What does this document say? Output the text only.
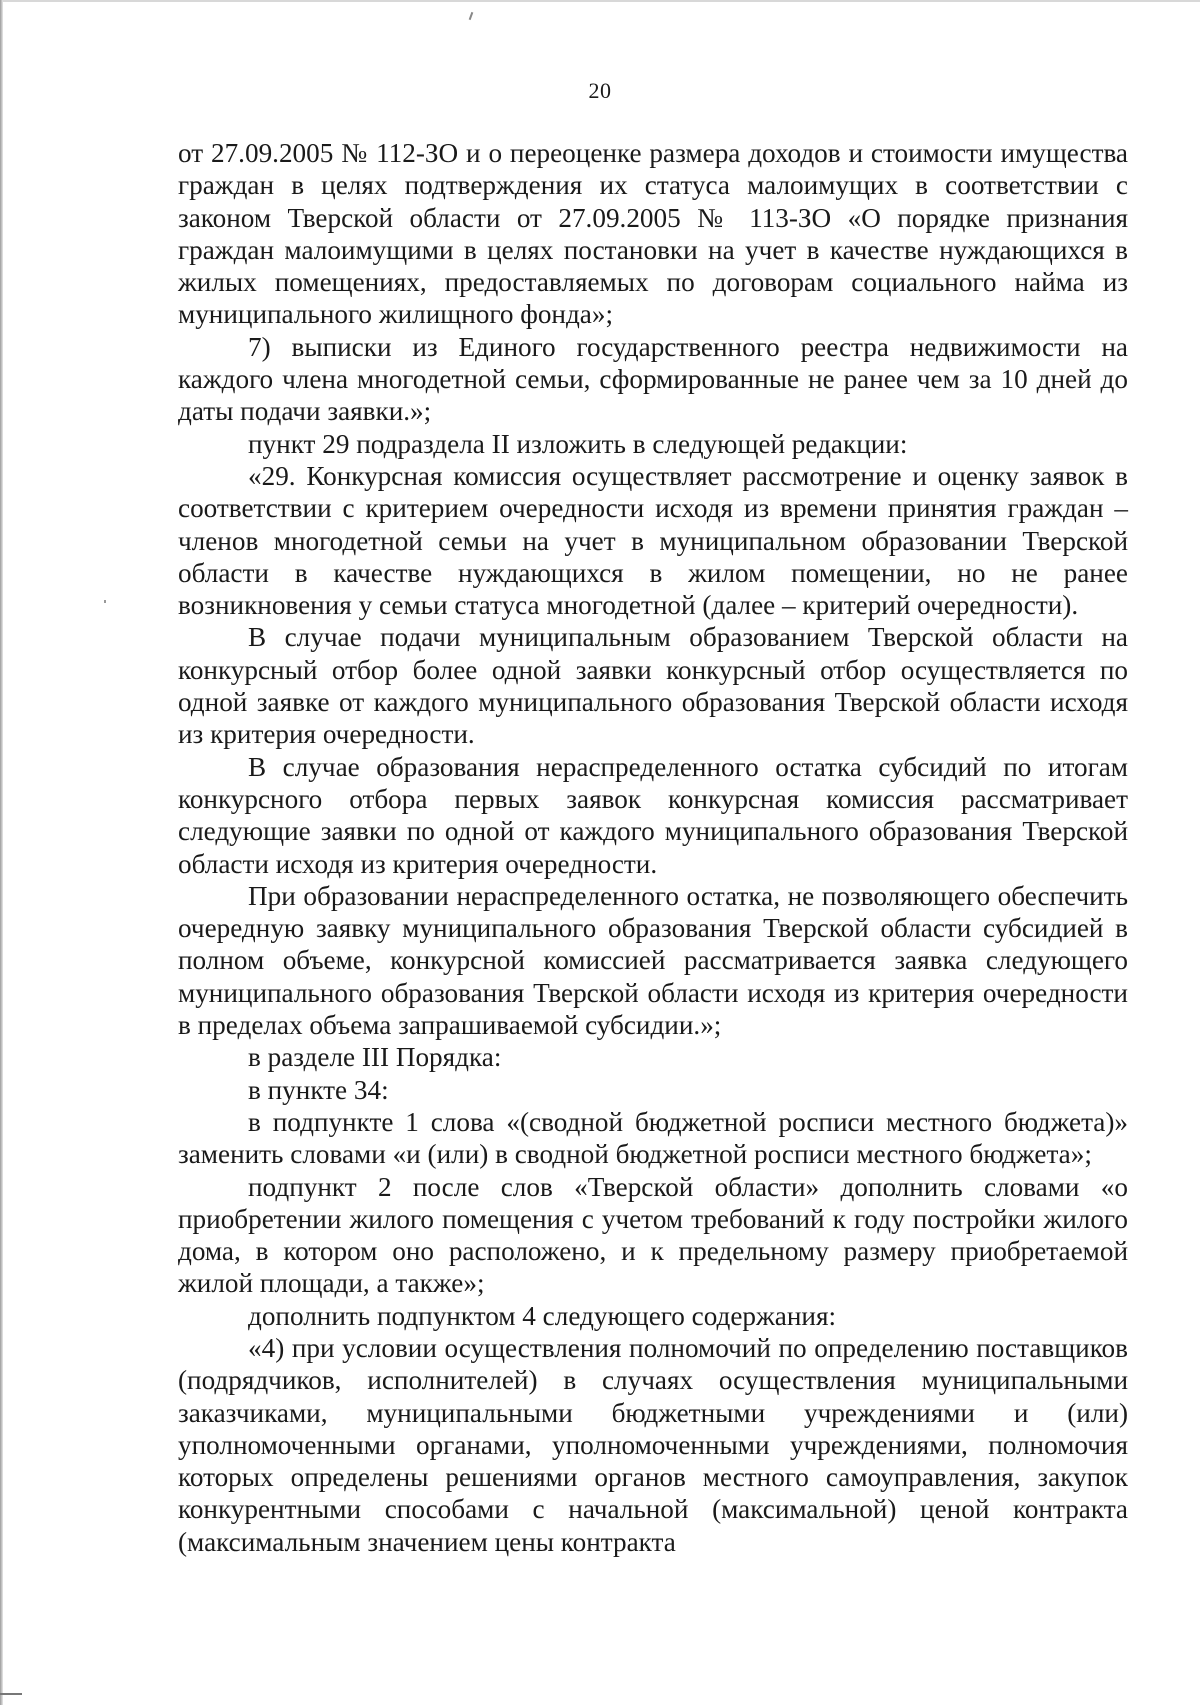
20

от 27.09.2005 № 112-ЗО и о переоценке размера доходов и стоимости имущества граждан в целях подтверждения их статуса малоимущих в соответствии с законом Тверской области от 27.09.2005 № 113-ЗО «О порядке признания граждан малоимущими в целях постановки на учет в качестве нуждающихся в жилых помещениях, предоставляемых по договорам социального найма из муниципального жилищного фонда»;

7) выписки из Единого государственного реестра недвижимости на каждого члена многодетной семьи, сформированные не ранее чем за 10 дней до даты подачи заявки.»;

пункт 29 подраздела II изложить в следующей редакции:

«29. Конкурсная комиссия осуществляет рассмотрение и оценку заявок в соответствии с критерием очередности исходя из времени принятия граждан – членов многодетной семьи на учет в муниципальном образовании Тверской области в качестве нуждающихся в жилом помещении, но не ранее возникновения у семьи статуса многодетной (далее – критерий очередности).

В случае подачи муниципальным образованием Тверской области на конкурсный отбор более одной заявки конкурсный отбор осуществляется по одной заявке от каждого муниципального образования Тверской области исходя из критерия очередности.

В случае образования нераспределенного остатка субсидий по итогам конкурсного отбора первых заявок конкурсная комиссия рассматривает следующие заявки по одной от каждого муниципального образования Тверской области исходя из критерия очередности.

При образовании нераспределенного остатка, не позволяющего обеспечить очередную заявку муниципального образования Тверской области субсидией в полном объеме, конкурсной комиссией рассматривается заявка следующего муниципального образования Тверской области исходя из критерия очередности в пределах объема запрашиваемой субсидии.»;

в разделе III Порядка:

в пункте 34:

в подпункте 1 слова «(сводной бюджетной росписи местного бюджета)» заменить словами «и (или) в сводной бюджетной росписи местного бюджета»;

подпункт 2 после слов «Тверской области» дополнить словами «о приобретении жилого помещения с учетом требований к году постройки жилого дома, в котором оно расположено, и к предельному размеру приобретаемой жилой площади, а также»;

дополнить подпунктом 4 следующего содержания:

«4) при условии осуществления полномочий по определению поставщиков (подрядчиков, исполнителей) в случаях осуществления муниципальными заказчиками, муниципальными бюджетными учреждениями и (или) уполномоченными органами, уполномоченными учреждениями, полномочия которых определены решениями органов местного самоуправления, закупок конкурентными способами с начальной (максимальной) ценой контракта (максимальным значением цены контракта
